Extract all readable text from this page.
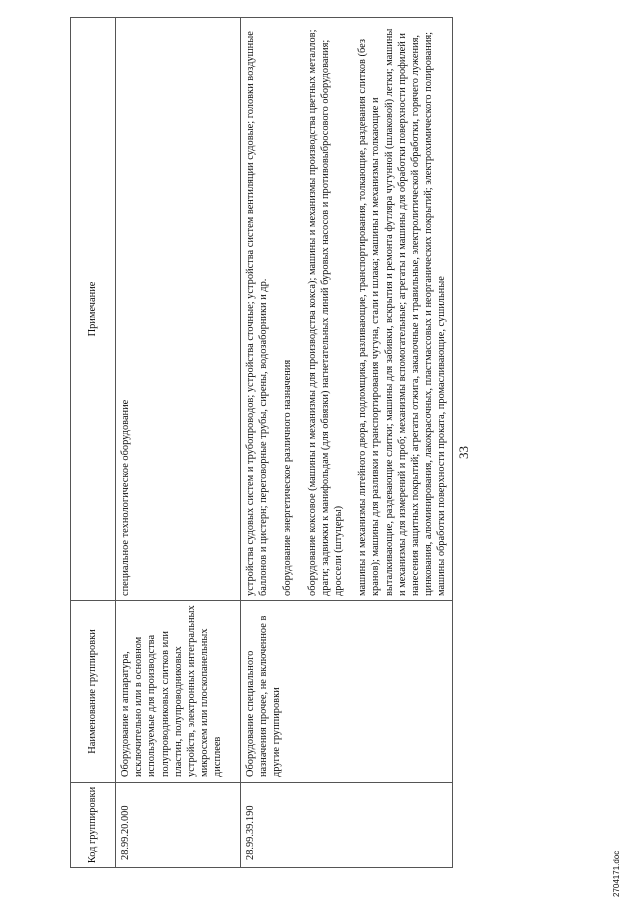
33
Код группировки	Наименование группировки	Примечание
28.99.20.000	Оборудование и аппаратура, исключительно или в основном используемые для производства полупроводниковых слитков или пластин, полупроводниковых устройств, электронных интегральных микросхем или плоскопанельных дисплеев	специальное технологическое оборудование

28.99.39.190	Оборудование специального назначения прочее, не включенное в другие группировки	устройства судовых систем и трубопроводов; устройства сточные; устройства систем вентиляции судовые; головки воздушные баллонов и цистерн; переговорные трубы, сирены, водозаборники и др. оборудование энергетическое различного назначения оборудование коксовое (машины и механизмы для производства кокса); машины и механизмы производства цветных металлов; драги; задвижки к манифольдам (для обвязки) нагнетательных линий буровых насосов и противовыбросового оборудования; дроссели (штуцеры) машины и механизмы литейного двора, подломщика, разливающие, транспортирования, толкающие, раздевания слитков (без кранов); машины для разливки и транспортирования чугуна, стали и шлака; машины и механизмы толкающие и выталкивающие, раздевающие слитки; машины для забивки, вскрытия и ремонта футляра чугунной (шлаковой) летки; машины и механизмы для измерений и проб; механизмы вспомогательные; агрегаты и машины для обработки поверхности профилей и нанесения защитных покрытий; агрегаты отжига, закалочные и травильные, электролитической обработки, горячего лужения, цинкования, алюминирования, лакокрасочных, пластмассовых и неорганических покрытий; электрохимического полирования; машины обработки поверхности проката, промасливающие, сушильные

2704171.doc
